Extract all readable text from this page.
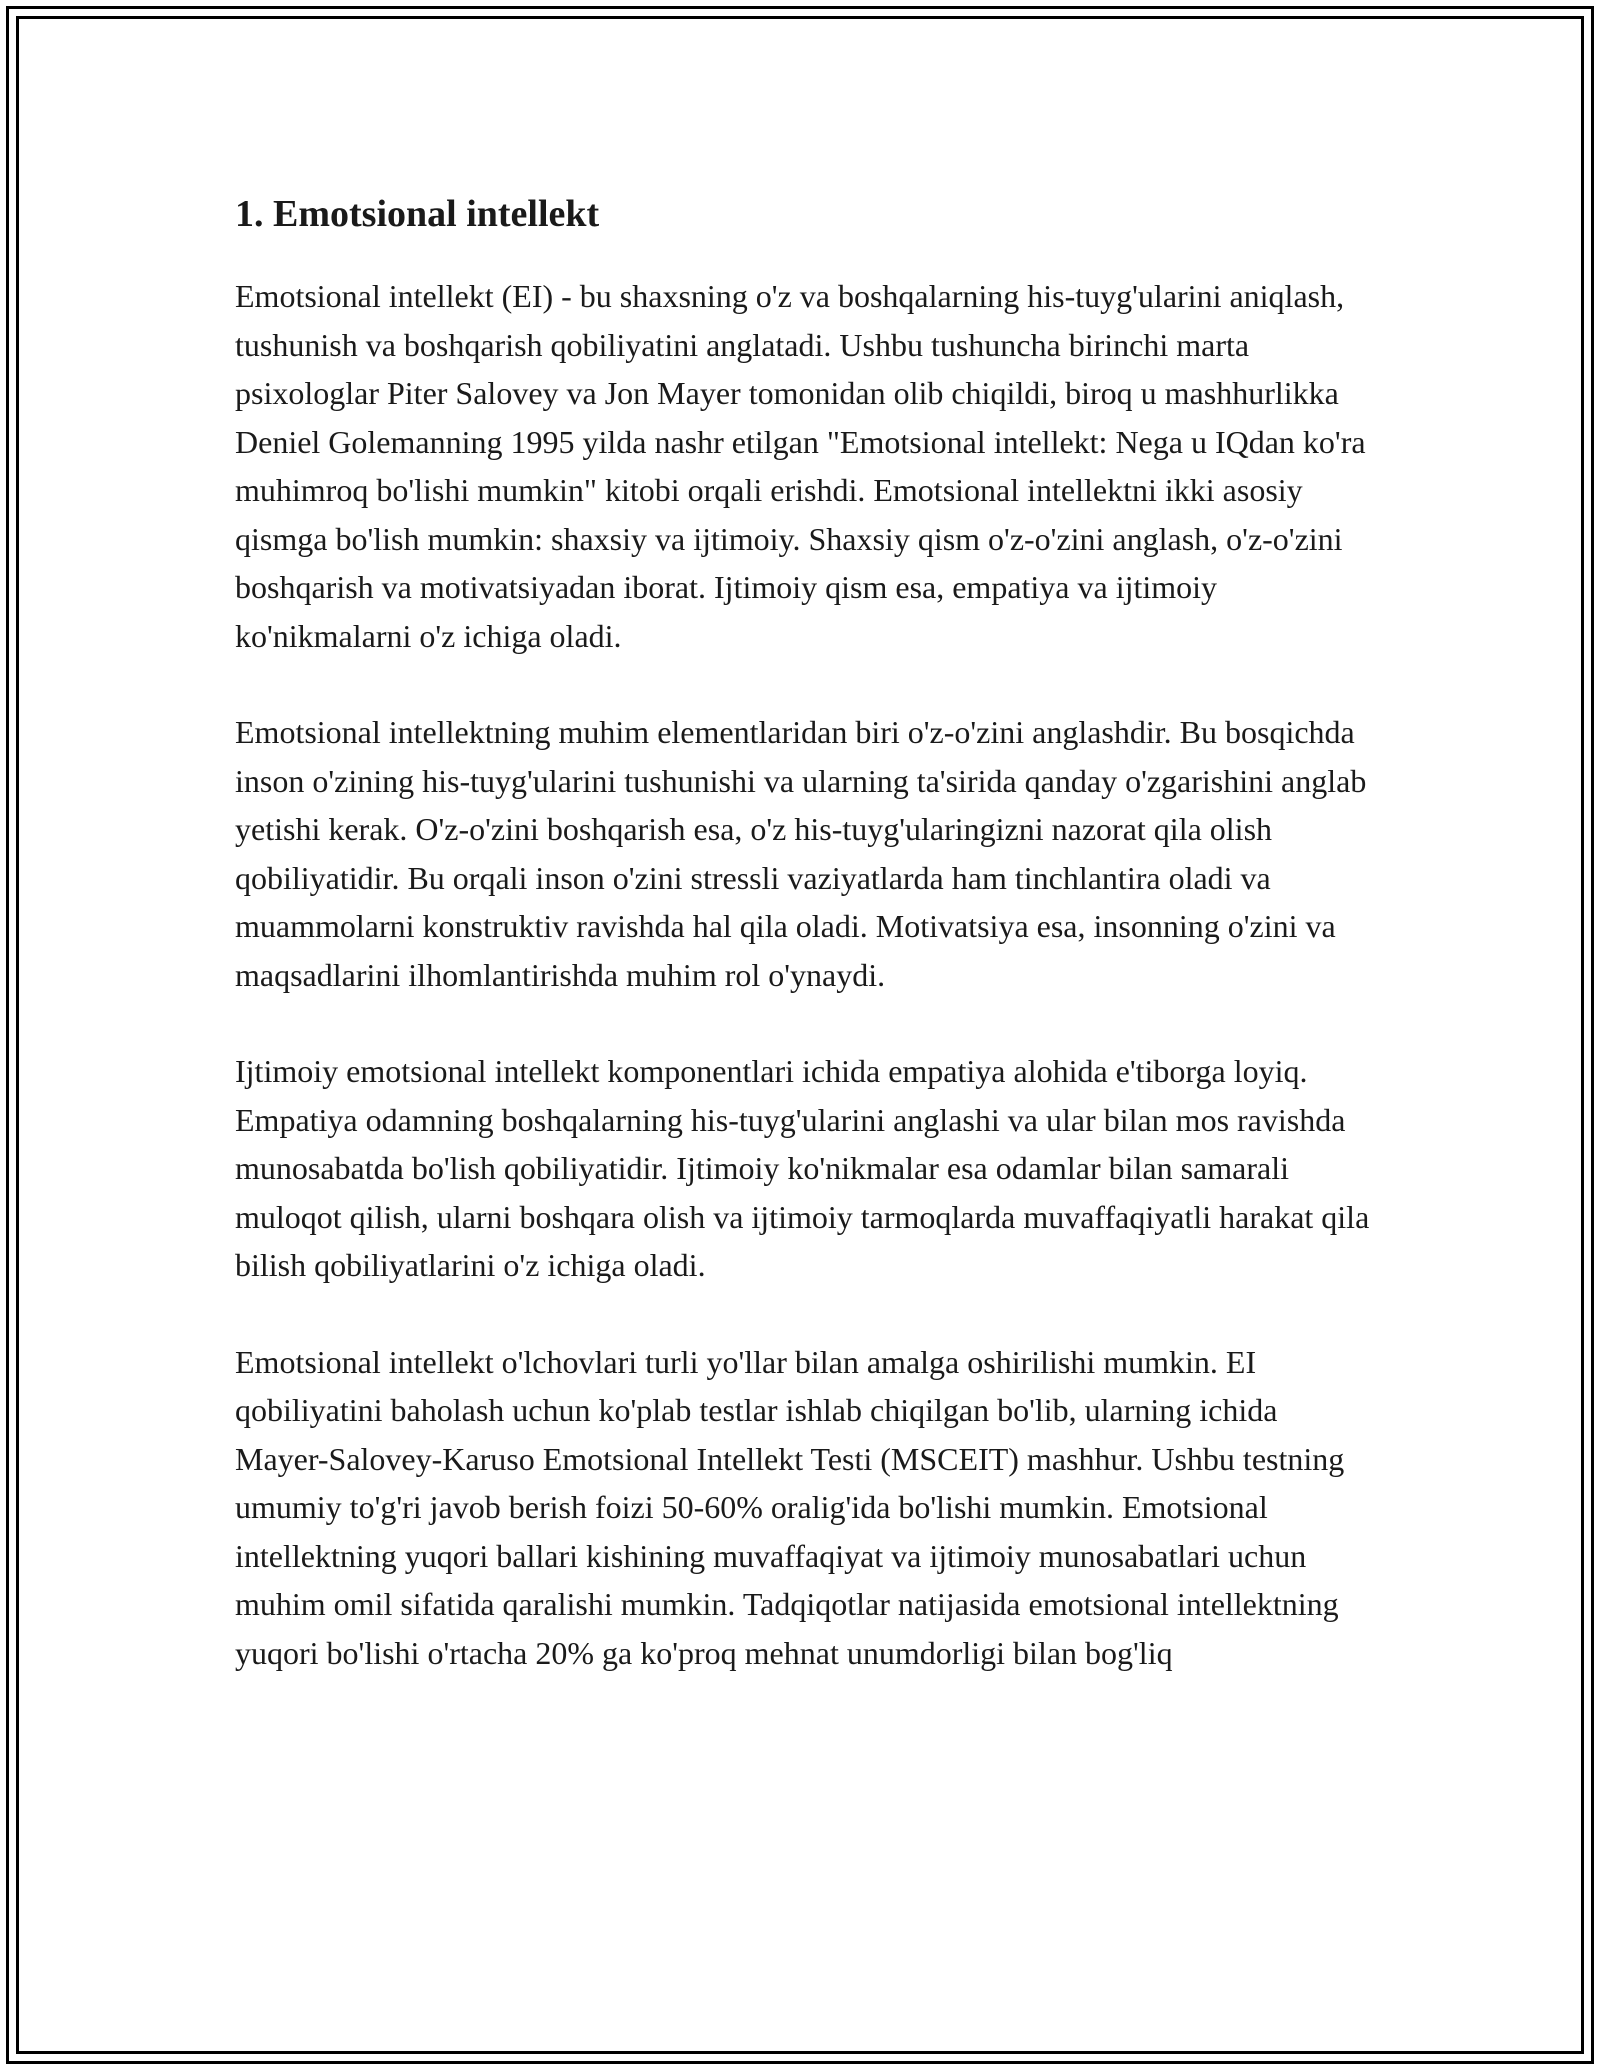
1. Emotsional intellekt

Emotsional intellekt (EI) - bu shaxsning o'z va boshqalarning his-tuyg'ularini aniqlash, tushunish va boshqarish qobiliyatini anglatadi. Ushbu tushuncha birinchi marta psixologlar Piter Salovey va Jon Mayer tomonidan olib chiqildi, biroq u mashhurlikka Deniel Golemanning 1995 yilda nashr etilgan "Emotsional intellekt: Nega u IQdan ko'ra muhimroq bo'lishi mumkin" kitobi orqali erishdi. Emotsional intellektni ikki asosiy qismga bo'lish mumkin: shaxsiy va ijtimoiy. Shaxsiy qism o'z-o'zini anglash, o'z-o'zini boshqarish va motivatsiyadan iborat. Ijtimoiy qism esa, empatiya va ijtimoiy ko'nikmalarni o'z ichiga oladi.

Emotsional intellektning muhim elementlaridan biri o'z-o'zini anglashdir. Bu bosqichda inson o'zining his-tuyg'ularini tushunishi va ularning ta'sirida qanday o'zgarishini anglab yetishi kerak. O'z-o'zini boshqarish esa, o'z his-tuyg'ularingizni nazorat qila olish qobiliyatidir. Bu orqali inson o'zini stressli vaziyatlarda ham tinchlantira oladi va muammolarni konstruktiv ravishda hal qila oladi. Motivatsiya esa, insonning o'zini va maqsadlarini ilhomlantirishda muhim rol o'ynaydi.

Ijtimoiy emotsional intellekt komponentlari ichida empatiya alohida e'tiborga loyiq. Empatiya odamning boshqalarning his-tuyg'ularini anglashi va ular bilan mos ravishda munosabatda bo'lish qobiliyatidir. Ijtimoiy ko'nikmalar esa odamlar bilan samarali muloqot qilish, ularni boshqara olish va ijtimoiy tarmoqlarda muvaffaqiyatli harakat qila bilish qobiliyatlarini o'z ichiga oladi.

Emotsional intellekt o'lchovlari turli yo'llar bilan amalga oshirilishi mumkin. EI qobiliyatini baholash uchun ko'plab testlar ishlab chiqilgan bo'lib, ularning ichida Mayer-Salovey-Karuso Emotsional Intellekt Testi (MSCEIT) mashhur. Ushbu testning umumiy to'g'ri javob berish foizi 50-60% oralig'ida bo'lishi mumkin. Emotsional intellektning yuqori ballari kishining muvaffaqiyat va ijtimoiy munosabatlari uchun muhim omil sifatida qaralishi mumkin. Tadqiqotlar natijasida emotsional intellektning yuqori bo'lishi o'rtacha 20% ga ko'proq mehnat unumdorligi bilan bog'liq
